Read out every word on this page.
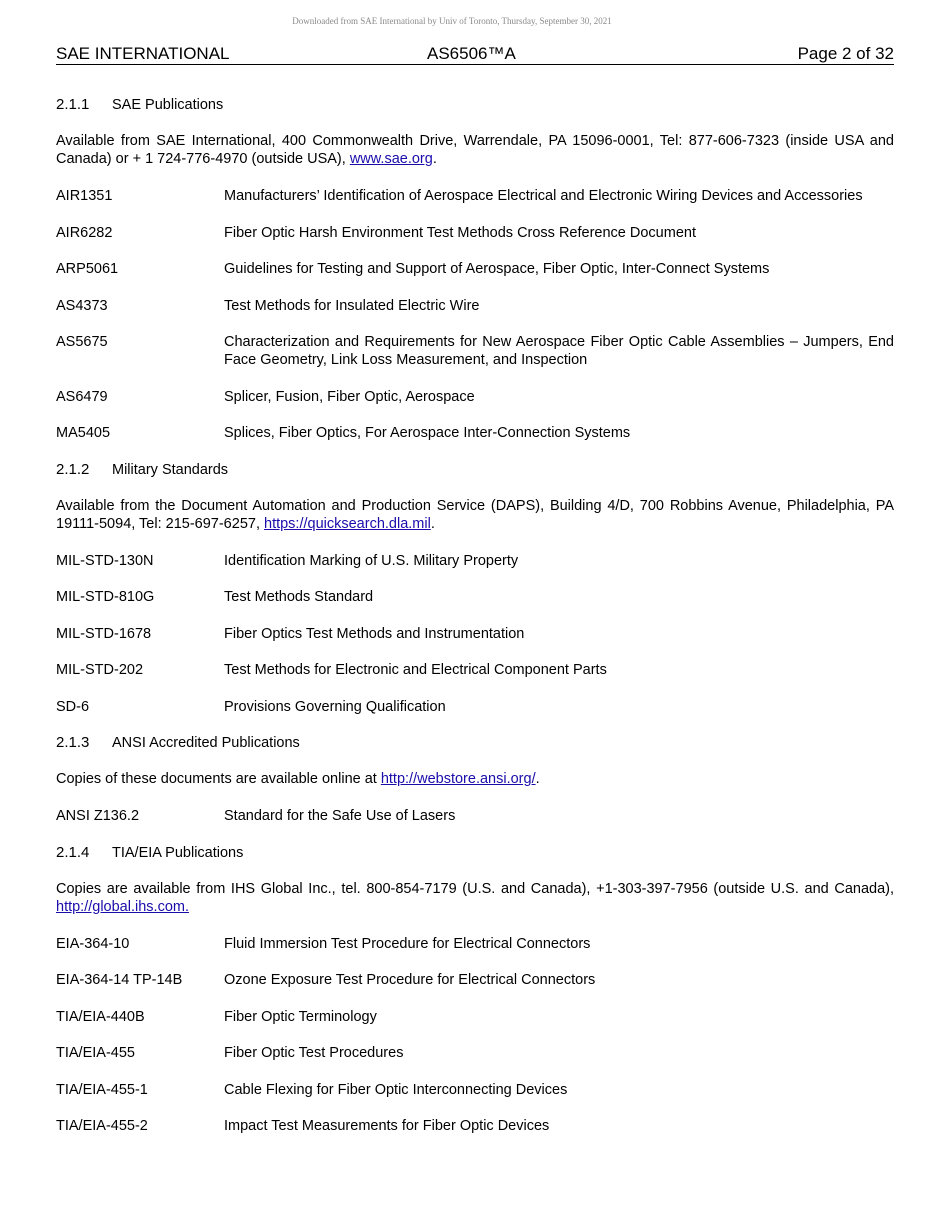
Downloaded from SAE International by Univ of Toronto, Thursday, September 30, 2021
SAE INTERNATIONAL	AS6506™A	Page 2 of 32
2.1.1	SAE Publications
Available from SAE International, 400 Commonwealth Drive, Warrendale, PA 15096-0001, Tel: 877-606-7323 (inside USA and Canada) or + 1 724-776-4970 (outside USA), www.sae.org.
AIR1351	Manufacturers’ Identification of Aerospace Electrical and Electronic Wiring Devices and Accessories
AIR6282	Fiber Optic Harsh Environment Test Methods Cross Reference Document
ARP5061	Guidelines for Testing and Support of Aerospace, Fiber Optic, Inter-Connect Systems
AS4373	Test Methods for Insulated Electric Wire
AS5675	Characterization and Requirements for New Aerospace Fiber Optic Cable Assemblies – Jumpers, End Face Geometry, Link Loss Measurement, and Inspection
AS6479	Splicer, Fusion, Fiber Optic, Aerospace
MA5405	Splices, Fiber Optics, For Aerospace Inter-Connection Systems
2.1.2	Military Standards
Available from the Document Automation and Production Service (DAPS), Building 4/D, 700 Robbins Avenue, Philadelphia, PA 19111-5094, Tel: 215-697-6257, https://quicksearch.dla.mil.
MIL-STD-130N	Identification Marking of U.S. Military Property
MIL-STD-810G	Test Methods Standard
MIL-STD-1678	Fiber Optics Test Methods and Instrumentation
MIL-STD-202	Test Methods for Electronic and Electrical Component Parts
SD-6	Provisions Governing Qualification
2.1.3	ANSI Accredited Publications
Copies of these documents are available online at http://webstore.ansi.org/.
ANSI Z136.2	Standard for the Safe Use of Lasers
2.1.4	TIA/EIA Publications
Copies are available from IHS Global Inc., tel. 800-854-7179 (U.S. and Canada), +1-303-397-7956 (outside U.S. and Canada), http://global.ihs.com.
EIA-364-10	Fluid Immersion Test Procedure for Electrical Connectors
EIA-364-14 TP-14B	Ozone Exposure Test Procedure for Electrical Connectors
TIA/EIA-440B	Fiber Optic Terminology
TIA/EIA-455	Fiber Optic Test Procedures
TIA/EIA-455-1	Cable Flexing for Fiber Optic Interconnecting Devices
TIA/EIA-455-2	Impact Test Measurements for Fiber Optic Devices
